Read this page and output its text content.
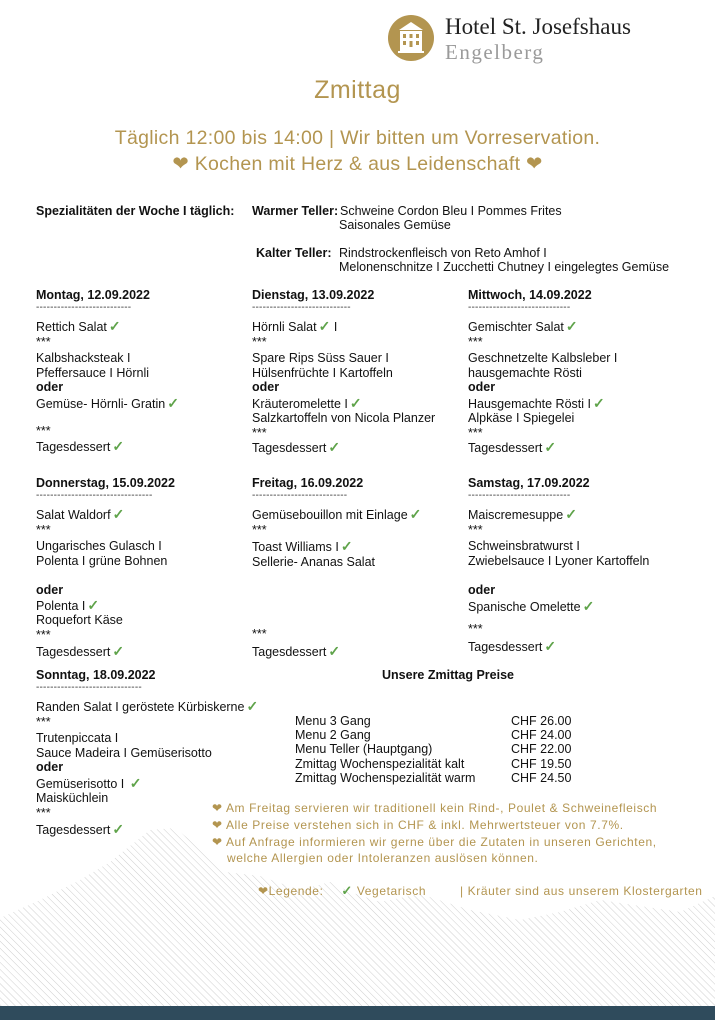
Hotel St. Josefshaus
Engelberg
Zmittag
Täglich 12:00 bis 14:00 | Wir bitten um Vorreservation.
❤ Kochen mit Herz & aus Leidenschaft ❤
Spezialitäten der Woche I täglich: Warmer Teller: Schweine Cordon Bleu I Pommes Frites
Saisonales Gemüse
Kalter Teller: Rindstrockenfleisch von Reto Amhof I
Melonenschnitze I Zucchetti Chutney I eingelegtes Gemüse
Montag, 12.09.2022
---------------------------
Rettich Salat ✓
***
Kalbshacksteak I
Pfeffersauce I Hörnli
oder
Gemüse- Hörnli- Gratin ✓
***
Tagesdessert ✓
Dienstag, 13.09.2022
----------------------------
Hörnli Salat ✓ I
***
Spare Rips Süss Sauer I
Hülsenfrüchte I Kartoffeln
oder
Kräuteromelette I ✓
Salzkartoffeln von Nicola Planzer
***
Tagesdessert ✓
Mittwoch, 14.09.2022
-----------------------------
Gemischter Salat ✓
***
Geschnetzelte Kalbsleber I
hausgemachte Rösti
oder
Hausgemachte Rösti I ✓
Alpkäse I Spiegelei
***
Tagesdessert ✓
Donnerstag, 15.09.2022
---------------------------------
Salat Waldorf ✓
***
Ungarisches Gulasch I
Polenta I grüne Bohnen
oder
Polenta I ✓
Roquefort Käse
***
Tagesdessert ✓
Freitag, 16.09.2022
---------------------------
Gemüsebouillon mit Einlage ✓
***
Toast Williams I ✓
Sellerie- Ananas Salat
***
Tagesdessert ✓
Samstag, 17.09.2022
-----------------------------
Maiscremesuppe ✓
***
Schweinsbratwurst I
Zwiebelsauce I Lyoner Kartoffeln
oder
Spanische Omelette ✓
***
Tagesdessert ✓
Sonntag, 18.09.2022
------------------------------
Randen Salat I geröstete Kürbiskerne ✓
***
Trutenpiccata I
Sauce Madeira I Gemüserisotto
oder
Gemüserisotto I ✓
Maisküchlein
***
Tagesdessert ✓
Unsere Zmittag Preise
Menu 3 Gang	CHF 26.00
Menu 2 Gang	CHF 24.00
Menu Teller (Hauptgang)	CHF 22.00
Zmittag Wochenspezialität kalt	CHF 19.50
Zmittag Wochenspezialität warm	CHF 24.50
❤ Am Freitag servieren wir traditionell kein Rind-, Poulet & Schweinefleisch
❤ Alle Preise verstehen sich in CHF & inkl. Mehrwertsteuer von 7.7%.
❤ Auf Anfrage informieren wir gerne über die Zutaten in unseren Gerichten,
welche Allergien oder Intoleranzen auslösen können.
❤Legende: ✓ Vegetarisch	| Kräuter sind aus unserem Klostergarten
